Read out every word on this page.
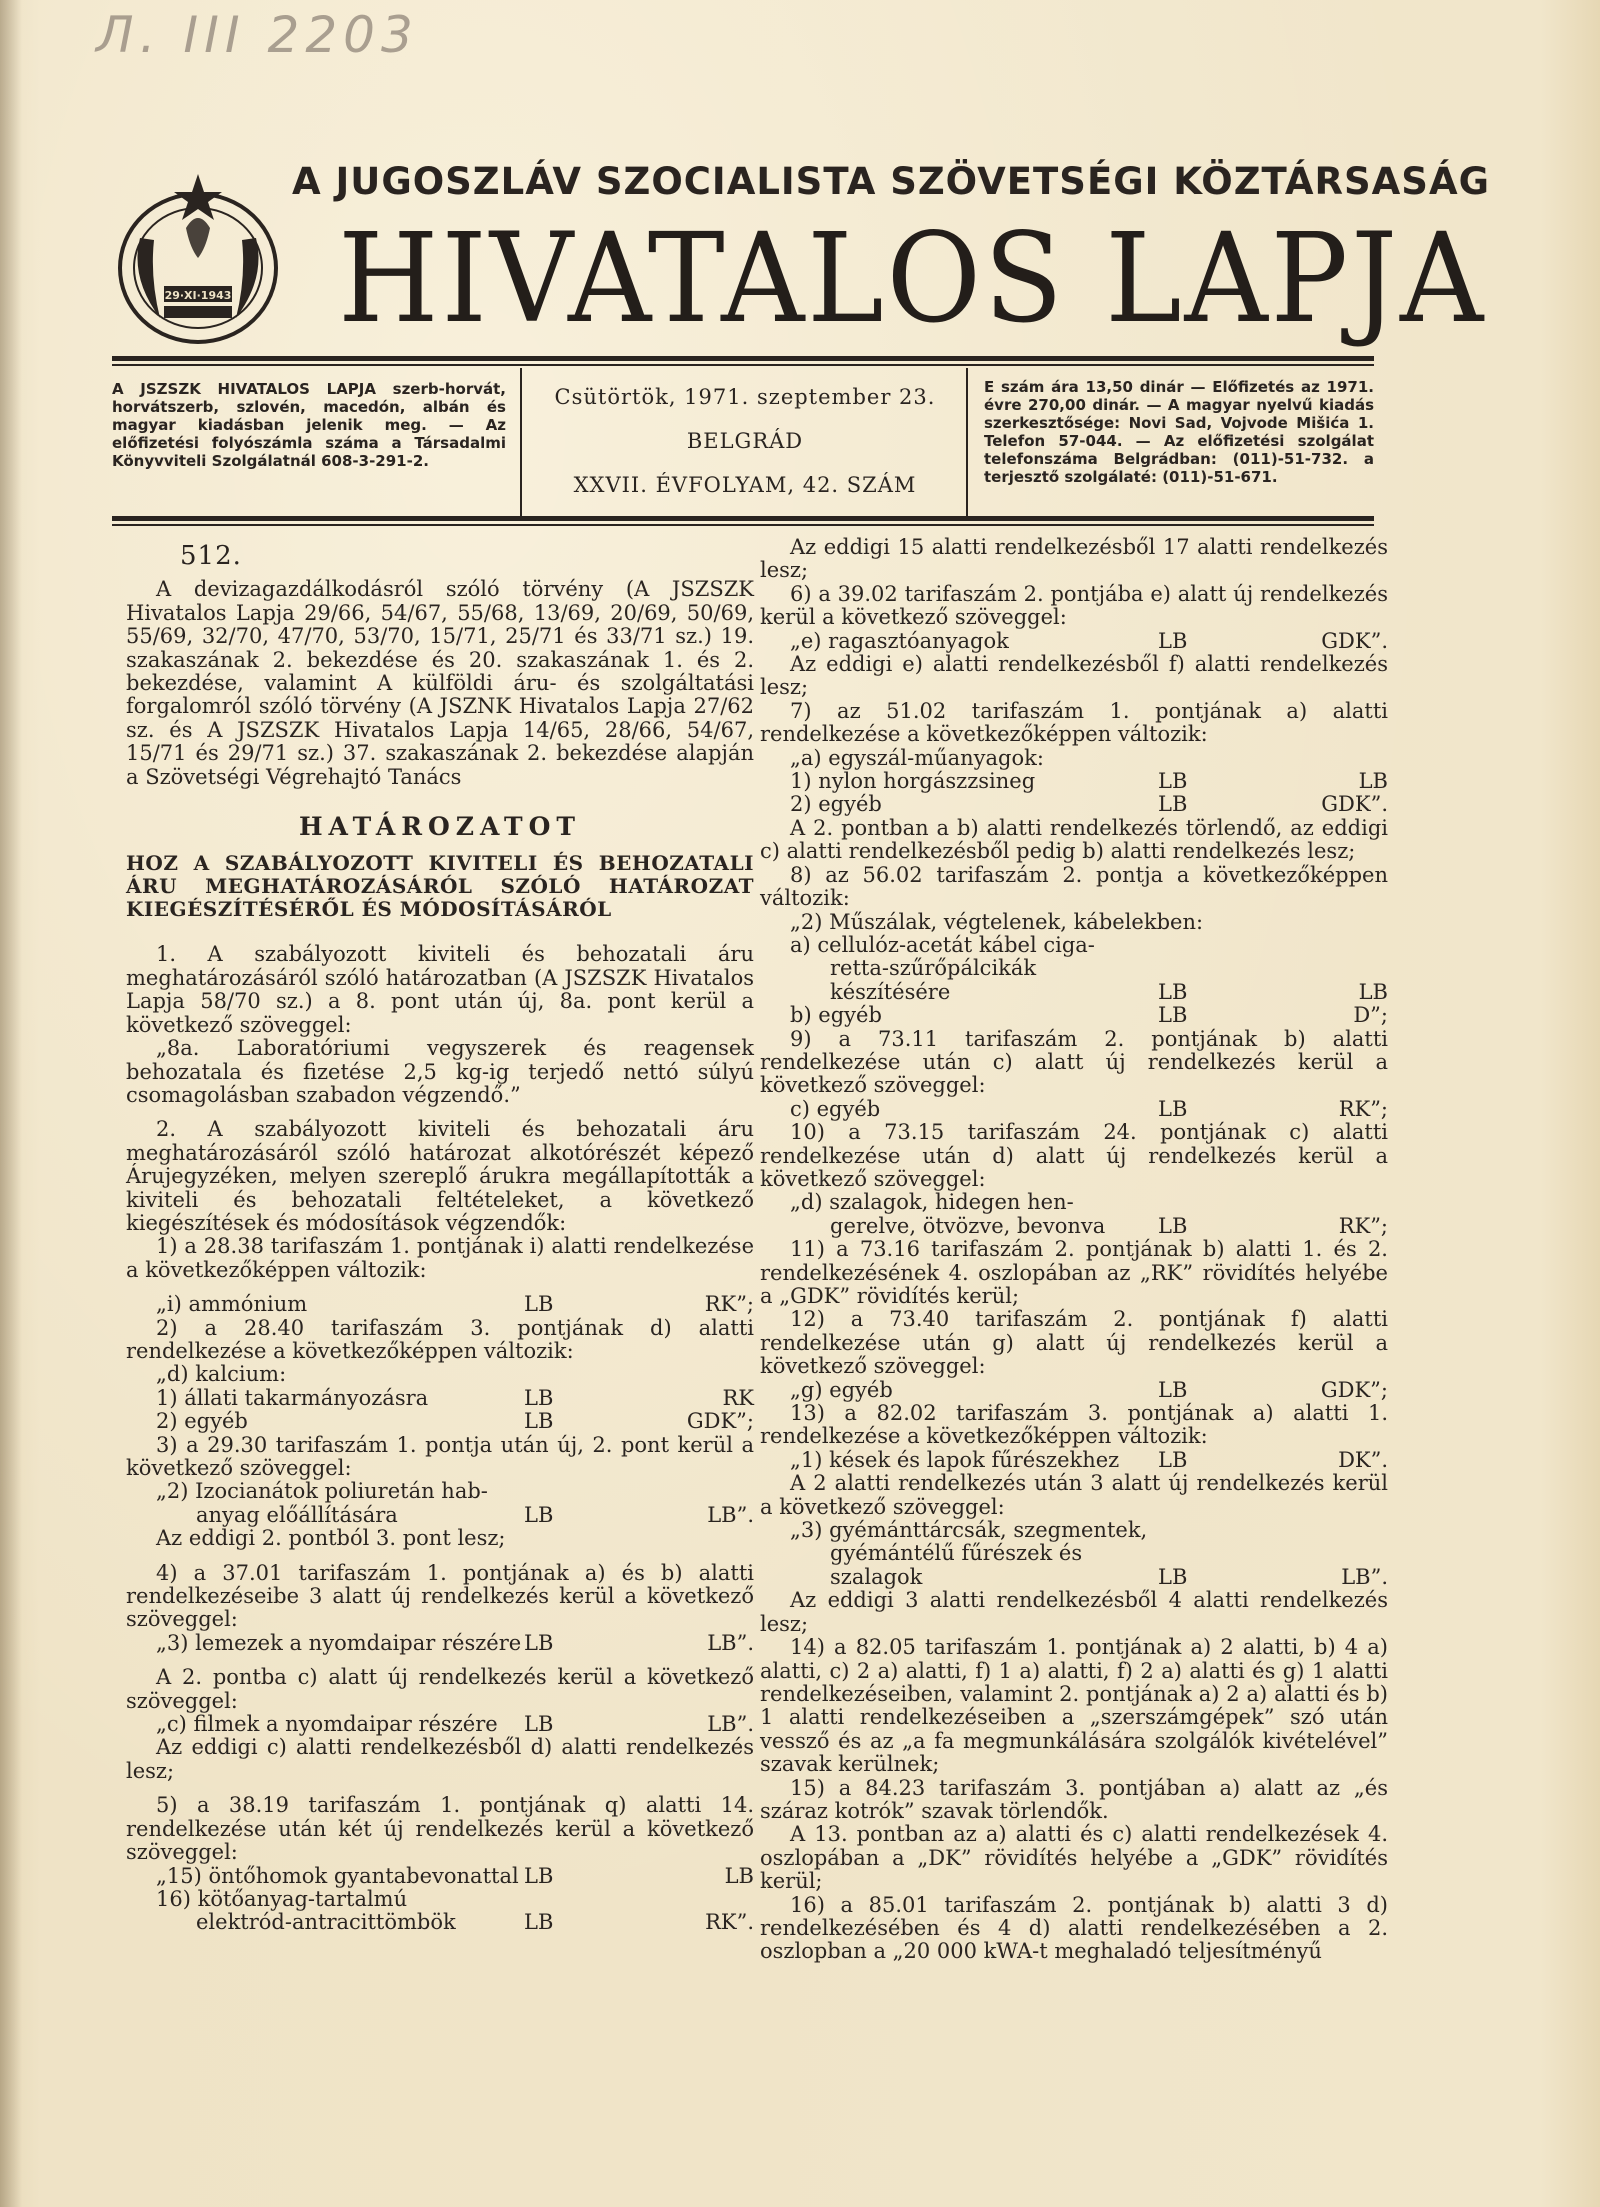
Л. III 2203
29·XI·1943
A JUGOSZLÁV SZOCIALISTA SZÖVETSÉGI KÖZTÁRSASÁG
HIVATALOS LAPJA
A JSZSZK HIVATALOS LAPJA szerb-horvát, horvátszerb, szlovén, macedón, albán és magyar kiadásban jelenik meg. — Az előfizetési folyószámla száma a Társadalmi Könyvviteli Szolgálatnál 608-3-291-2.
Csütörtök, 1971. szeptember 23.
BELGRÁD
XXVII. ÉVFOLYAM, 42. SZÁM
E szám ára 13,50 dinár — Előfizetés az 1971. évre 270,00 dinár. — A magyar nyelvű kiadás szerkesztősége: Novi Sad, Vojvode Mišića 1. Telefon 57-044. — Az előfizetési szolgálat telefonszáma Belgrádban: (011)-51-732. a terjesztő szolgálaté: (011)-51-671.

512.

A devizagazdálkodásról szóló törvény (A JSZSZK Hivatalos Lapja 29/66, 54/67, 55/68, 13/69, 20/69, 50/69, 55/69, 32/70, 47/70, 53/70, 15/71, 25/71 és 33/71 sz.) 19. szakaszának 2. bekezdése és 20. szakaszának 1. és 2. bekezdése, valamint A külföldi áru- és szolgáltatási forgalomról szóló törvény (A JSZNK Hivatalos Lapja 27/62 sz. és A JSZSZK Hivatalos Lapja 14/65, 28/66, 54/67, 15/71 és 29/71 sz.) 37. szakaszának 2. bekezdése alapján a Szövetségi Végrehajtó Tanács

HATÁROZATOT

HOZ A SZABÁLYOZOTT KIVITELI ÉS BEHOZATALI ÁRU MEGHATÁROZÁSÁRÓL SZÓLÓ HATÁROZAT KIEGÉSZÍTÉSÉRŐL ÉS MÓDOSÍTÁSÁRÓL

1. A szabályozott kiviteli és behozatali áru meghatározásáról szóló határozatban (A JSZSZK Hivatalos Lapja 58/70 sz.) a 8. pont után új, 8a. pont kerül a következő szöveggel:

„8a. Laboratóriumi vegyszerek és reagensek behozatala és fizetése 2,5 kg-ig terjedő nettó súlyú csomagolásban szabadon végzendő.”

2. A szabályozott kiviteli és behozatali áru meghatározásáról szóló határozat alkotórészét képező Árujegyzéken, melyen szereplő árukra megállapították a kiviteli és behozatali feltételeket, a következő kiegészítések és módosítások végzendők:

1) a 28.38 tarifaszám 1. pontjának i) alatti rendelkezése a következőképpen változik:

„i) ammónium	LB	RK”;

2) a 28.40 tarifaszám 3. pontjának d) alatti rendelkezése a következőképpen változik:

„d) kalcium:

1) állati takarmányozásra	LB	RK
2) egyéb	LB	GDK”;

3) a 29.30 tarifaszám 1. pontja után új, 2. pont kerül a következő szöveggel:

„2) Izocianátok poliuretán hab-

anyag előállítására	LB	LB”.

Az eddigi 2. pontból 3. pont lesz;

4) a 37.01 tarifaszám 1. pontjának a) és b) alatti rendelkezéseibe 3 alatt új rendelkezés kerül a következő szöveggel:

„3) lemezek a nyomdaipar részére LB	LB”.

A 2. pontba c) alatt új rendelkezés kerül a következő szöveggel:

„c) filmek a nyomdaipar részére	LB	LB”.

Az eddigi c) alatti rendelkezésből d) alatti rendelkezés lesz;

5) a 38.19 tarifaszám 1. pontjának q) alatti 14. rendelkezése után két új rendelkezés kerül a következő szöveggel:

„15) öntőhomok gyantabevonattal LB	LB

16) kötőanyag-tartalmú

elektród-antracittömbök	LB	RK”.

Az eddigi 15 alatti rendelkezésből 17 alatti rendelkezés lesz;

6) a 39.02 tarifaszám 2. pontjába e) alatt új rendelkezés kerül a következő szöveggel:

„e) ragasztóanyagok	LB	GDK”.

Az eddigi e) alatti rendelkezésből f) alatti rendelkezés lesz;

7) az 51.02 tarifaszám 1. pontjának a) alatti rendelkezése a következőképpen változik:

„a) egyszál-műanyagok:

1) nylon horgászzsineg	LB	LB
2) egyéb	LB	GDK”.

A 2. pontban a b) alatti rendelkezés törlendő, az eddigi c) alatti rendelkezésből pedig b) alatti rendelkezés lesz;

8) az 56.02 tarifaszám 2. pontja a következőképpen változik:

„2) Műszálak, végtelenek, kábelekben:

a) cellulóz-acetát kábel ciga-

retta-szűrőpálcikák

készítésére	LB	LB
b) egyéb	LB	D”;

9) a 73.11 tarifaszám 2. pontjának b) alatti rendelkezése után c) alatt új rendelkezés kerül a következő szöveggel:

c) egyéb	LB	RK”;

10) a 73.15 tarifaszám 24. pontjának c) alatti rendelkezése után d) alatt új rendelkezés kerül a következő szöveggel:

„d) szalagok, hidegen hen-

gerelve, ötvözve, bevonva	LB	RK”;

11) a 73.16 tarifaszám 2. pontjának b) alatti 1. és 2. rendelkezésének 4. oszlopában az „RK” rövidítés helyébe a „GDK” rövidítés kerül;

12) a 73.40 tarifaszám 2. pontjának f) alatti rendelkezése után g) alatt új rendelkezés kerül a következő szöveggel:

„g) egyéb	LB	GDK”;

13) a 82.02 tarifaszám 3. pontjának a) alatti 1. rendelkezése a következőképpen változik:

„1) kések és lapok fűrészekhez	LB	DK”.

A 2 alatti rendelkezés után 3 alatt új rendelkezés kerül a következő szöveggel:

„3) gyémánttárcsák, szegmentek,

gyémántélű fűrészek és

szalagok	LB	LB”.

Az eddigi 3 alatti rendelkezésből 4 alatti rendelkezés lesz;

14) a 82.05 tarifaszám 1. pontjának a) 2 alatti, b) 4 a) alatti, c) 2 a) alatti, f) 1 a) alatti, f) 2 a) alatti és g) 1 alatti rendelkezéseiben, valamint 2. pontjának a) 2 a) alatti és b) 1 alatti rendelkezéseiben a „szerszámgépek” szó után vessző és az „a fa megmunkálására szolgálók kivételével” szavak kerülnek;

15) a 84.23 tarifaszám 3. pontjában a) alatt az „és száraz kotrók” szavak törlendők.

A 13. pontban az a) alatti és c) alatti rendelkezések 4. oszlopában a „DK” rövidítés helyébe a „GDK” rövidítés kerül;

16) a 85.01 tarifaszám 2. pontjának b) alatti 3 d) rendelkezésében és 4 d) alatti rendelkezésében a 2. oszlopban a „20 000 kWA-t meghaladó teljesítményű
